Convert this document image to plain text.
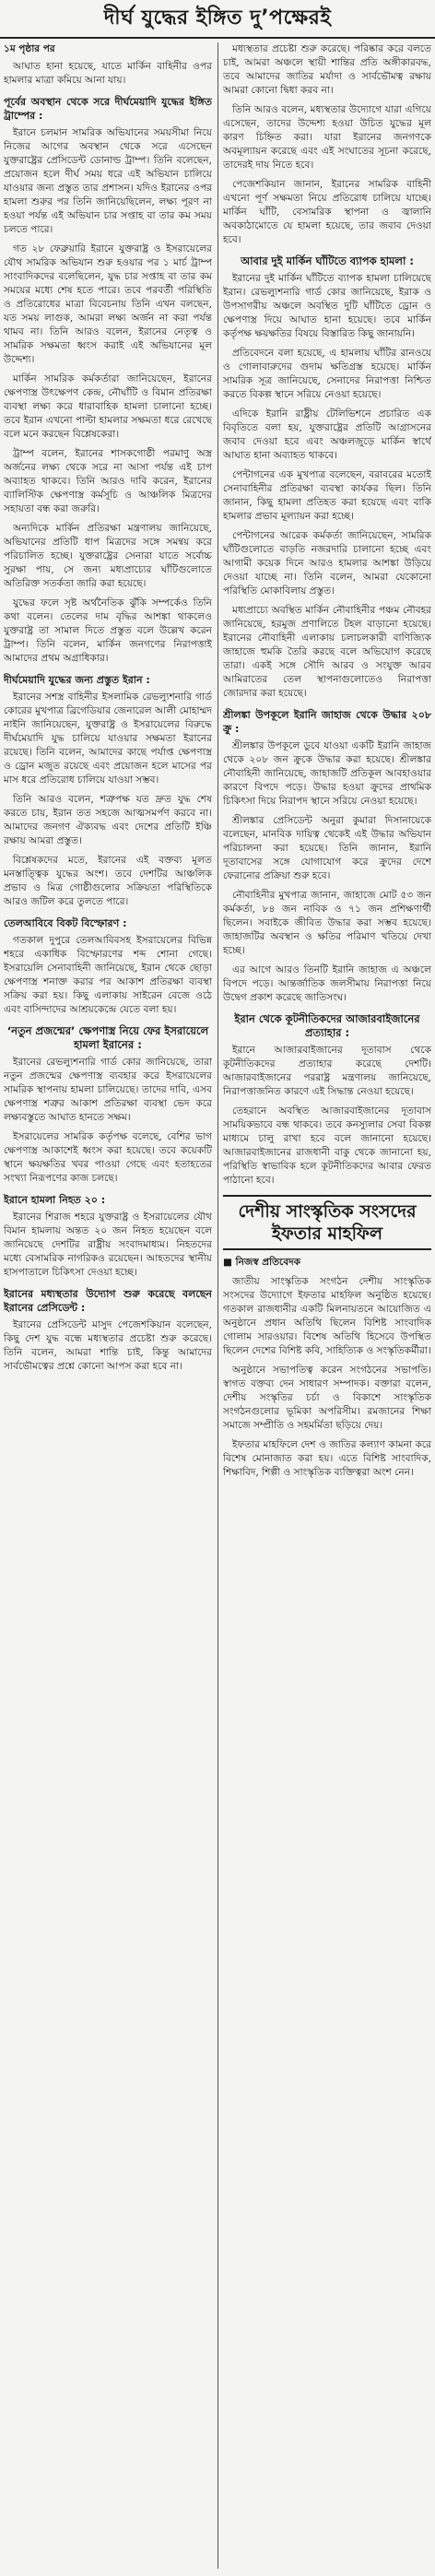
দীর্ঘ যুদ্ধের ইঙ্গিত দু’পক্ষেরই

১ম পৃষ্ঠার পর

আঘাত হানা হয়েছে, যাতে মার্কিন বাহিনীর ওপর হামলার মাত্রা কমিয়ে আনা যায়।

পূর্বের অবস্থান থেকে সরে দীর্ঘমেয়াদি যুদ্ধের ইঙ্গিত ট্রাম্পের :

ইরানে চলমান সামরিক অভিযানের সময়সীমা নিয়ে নিজের আগের অবস্থান থেকে সরে এসেছেন যুক্তরাষ্ট্রের প্রেসিডেন্ট ডোনাল্ড ট্রাম্প। তিনি বলেছেন, প্রয়োজন হলে দীর্ঘ সময় ধরে এই অভিযান চালিয়ে যাওয়ার জন্য প্রস্তুত তার প্রশাসন। যদিও ইরানের ওপর হামলা শুরুর পর তিনি জানিয়েছিলেন, লক্ষ্য পূরণ না হওয়া পর্যন্ত এই অভিযান চার সপ্তাহ বা তার কম সময় চলতে পারে।

গত ২৮ ফেব্রুয়ারি ইরানে যুক্তরাষ্ট্র ও ইসরায়েলের যৌথ সামরিক অভিযান শুরু হওয়ার পর ১ মার্চ ট্রাম্প সাংবাদিকদের বলেছিলেন, যুদ্ধ চার সপ্তাহ বা তার কম সময়ের মধ্যে শেষ হতে পারে। তবে পরবর্তী পরিস্থিতি ও প্রতিরোধের মাত্রা বিবেচনায় তিনি এখন বলছেন, যত সময় লাগুক, আমরা লক্ষ্য অর্জন না করা পর্যন্ত থামব না। তিনি আরও বলেন, ইরানের নেতৃত্ব ও সামরিক সক্ষমতা ধ্বংস করাই এই অভিযানের মূল উদ্দেশ্য।

মার্কিন সামরিক কর্মকর্তারা জানিয়েছেন, ইরানের ক্ষেপণাস্ত্র উৎক্ষেপণ কেন্দ্র, নৌঘাঁটি ও বিমান প্রতিরক্ষা ব্যবস্থা লক্ষ্য করে ধারাবাহিক হামলা চালানো হচ্ছে। তবে ইরান এখনো পাল্টা হামলার সক্ষমতা ধরে রেখেছে বলে মনে করছেন বিশ্লেষকেরা।

ট্রাম্প বলেন, ইরানের শাসকগোষ্ঠী পরমাণু অস্ত্র অর্জনের লক্ষ্য থেকে সরে না আসা পর্যন্ত এই চাপ অব্যাহত থাকবে। তিনি আরও দাবি করেন, ইরানের ব্যালিস্টিক ক্ষেপণাস্ত্র কর্মসূচি ও আঞ্চলিক মিত্রদের সহায়তা বন্ধ করা জরুরি।

অন্যদিকে মার্কিন প্রতিরক্ষা মন্ত্রণালয় জানিয়েছে, অভিযানের প্রতিটি ধাপ মিত্রদের সঙ্গে সমন্বয় করে পরিচালিত হচ্ছে। যুক্তরাষ্ট্রের সেনারা যাতে সর্বোচ্চ সুরক্ষা পায়, সে জন্য মধ্যপ্রাচ্যের ঘাঁটিগুলোতে অতিরিক্ত সতর্কতা জারি করা হয়েছে।

যুদ্ধের ফলে সৃষ্ট অর্থনৈতিক ঝুঁকি সম্পর্কেও তিনি কথা বলেন। তেলের দাম বৃদ্ধির আশঙ্কা থাকলেও যুক্তরাষ্ট্র তা সামাল দিতে প্রস্তুত বলে উল্লেখ করেন ট্রাম্প। তিনি বলেন, মার্কিন জনগণের নিরাপত্তাই আমাদের প্রথম অগ্রাধিকার।

দীর্ঘমেয়াদি যুদ্ধের জন্য প্রস্তুত ইরান :

ইরানের সশস্ত্র বাহিনীর ইসলামিক রেভল্যুশনারি গার্ড কোরের মুখপাত্র ব্রিগেডিয়ার জেনারেল আলী মোহাম্মদ নাইনি জানিয়েছেন, যুক্তরাষ্ট্র ও ইসরায়েলের বিরুদ্ধে দীর্ঘমেয়াদি যুদ্ধ চালিয়ে যাওয়ার সক্ষমতা ইরানের রয়েছে। তিনি বলেন, আমাদের কাছে পর্যাপ্ত ক্ষেপণাস্ত্র ও ড্রোন মজুত রয়েছে এবং প্রয়োজন হলে মাসের পর মাস ধরে প্রতিরোধ চালিয়ে যাওয়া সম্ভব।

তিনি আরও বলেন, শত্রুপক্ষ যত দ্রুত যুদ্ধ শেষ করতে চায়, ইরান তত সহজে আত্মসমর্পণ করবে না। আমাদের জনগণ ঐক্যবদ্ধ এবং দেশের প্রতিটি ইঞ্চি রক্ষায় আমরা প্রস্তুত।

বিশ্লেষকদের মতে, ইরানের এই বক্তব্য মূলত মনস্তাত্ত্বিক যুদ্ধের অংশ। তবে দেশটির আঞ্চলিক প্রভাব ও মিত্র গোষ্ঠীগুলোর সক্রিয়তা পরিস্থিতিকে আরও জটিল করে তুলতে পারে।

তেলআবিবে বিকট বিস্ফোরণ :

গতকাল দুপুরে তেলআবিবসহ ইসরায়েলের বিভিন্ন শহরে একাধিক বিস্ফোরণের শব্দ শোনা গেছে। ইসরায়েলি সেনাবাহিনী জানিয়েছে, ইরান থেকে ছোড়া ক্ষেপণাস্ত্র শনাক্ত করার পর আকাশ প্রতিরক্ষা ব্যবস্থা সক্রিয় করা হয়। কিছু এলাকায় সাইরেন বেজে ওঠে এবং বাসিন্দাদের আশ্রয়কেন্দ্রে যেতে বলা হয়।

‘নতুন প্রজন্মের’ ক্ষেপণাস্ত্র নিয়ে ফের ইসরায়েলে হামলা ইরানের :

ইরানের রেভল্যুশনারি গার্ড কোর জানিয়েছে, তারা নতুন প্রজন্মের ক্ষেপণাস্ত্র ব্যবহার করে ইসরায়েলের সামরিক স্থাপনায় হামলা চালিয়েছে। তাদের দাবি, এসব ক্ষেপণাস্ত্র শত্রুর আকাশ প্রতিরক্ষা ব্যবস্থা ভেদ করে লক্ষ্যবস্তুতে আঘাত হানতে সক্ষম।

ইসরায়েলের সামরিক কর্তৃপক্ষ বলেছে, বেশির ভাগ ক্ষেপণাস্ত্র আকাশেই ধ্বংস করা হয়েছে। তবে কয়েকটি স্থানে ক্ষয়ক্ষতির খবর পাওয়া গেছে এবং হতাহতের সংখ্যা নিরূপণের কাজ চলছে।

ইরানে হামলা নিহত ২০ :

ইরানের শিরাজ শহরে যুক্তরাষ্ট্র ও ইসরায়েলের যৌথ বিমান হামলায় অন্তত ২০ জন নিহত হয়েছেন বলে জানিয়েছে দেশটির রাষ্ট্রীয় সংবাদমাধ্যম। নিহতদের মধ্যে বেসামরিক নাগরিকও রয়েছেন। আহতদের স্থানীয় হাসপাতালে চিকিৎসা দেওয়া হচ্ছে।

ইরানের মধ্যস্থতার উদ্যোগ শুরু করেছে বলছেন ইরানের প্রেসিডেন্ট :

ইরানের প্রেসিডেন্ট মাসুদ পেজেশকিয়ান বলেছেন, কিছু দেশ যুদ্ধ বন্ধে মধ্যস্থতার প্রচেষ্টা শুরু করেছে। তিনি বলেন, আমরা শান্তি চাই, কিন্তু আমাদের সার্বভৌমত্বের প্রশ্নে কোনো আপস করা হবে না।

মধ্যস্থতার প্রচেষ্টা শুরু করেছে। পরিষ্কার করে বলতে চাই, আমরা অঞ্চলে স্থায়ী শান্তির প্রতি অঙ্গীকারবদ্ধ, তবে আমাদের জাতির মর্যাদা ও সার্বভৌমত্ব রক্ষায় আমরা কোনো দ্বিধা করব না।

তিনি আরও বলেন, মধ্যস্থতার উদ্যোগে যারা এগিয়ে এসেছেন, তাদের উদ্দেশ্য হওয়া উচিত যুদ্ধের মূল কারণ চিহ্নিত করা। যারা ইরানের জনগণকে অবমূল্যায়ন করেছে এবং এই সংঘাতের সূচনা করেছে, তাদেরই দায় নিতে হবে।

পেজেশকিয়ান জানান, ইরানের সামরিক বাহিনী এখনো পূর্ণ সক্ষমতা নিয়ে প্রতিরোধ চালিয়ে যাচ্ছে। মার্কিন ঘাঁটি, বেসামরিক স্থাপনা ও জ্বালানি অবকাঠামোতে যে হামলা হয়েছে, তার জবাব দেওয়া হবে।

আবার দুই মার্কিন ঘাঁটিতে ব্যাপক হামলা :

ইরানের দুই মার্কিন ঘাঁটিতে ব্যাপক হামলা চালিয়েছে ইরান। রেভল্যুশনারি গার্ড কোর জানিয়েছে, ইরাক ও উপসাগরীয় অঞ্চলে অবস্থিত দুটি ঘাঁটিতে ড্রোন ও ক্ষেপণাস্ত্র দিয়ে আঘাত হানা হয়েছে। তবে মার্কিন কর্তৃপক্ষ ক্ষয়ক্ষতির বিষয়ে বিস্তারিত কিছু জানায়নি।

প্রতিবেদনে বলা হয়েছে, এ হামলায় ঘাঁটির রানওয়ে ও গোলাবারুদের গুদাম ক্ষতিগ্রস্ত হয়েছে। মার্কিন সামরিক সূত্র জানিয়েছে, সেনাদের নিরাপত্তা নিশ্চিত করতে বিকল্প স্থানে সরিয়ে নেওয়া হয়েছে।

এদিকে ইরানি রাষ্ট্রীয় টেলিভিশনে প্রচারিত এক বিবৃতিতে বলা হয়, যুক্তরাষ্ট্রের প্রতিটি আগ্রাসনের জবাব দেওয়া হবে এবং অঞ্চলজুড়ে মার্কিন স্বার্থে আঘাত হানা অব্যাহত থাকবে।

পেন্টাগনের এক মুখপাত্র বলেছেন, বরাবরের মতোই সেনাবাহিনীর প্রতিরক্ষা ব্যবস্থা কার্যকর ছিল। তিনি জানান, কিছু হামলা প্রতিহত করা হয়েছে এবং বাকি হামলার প্রভাব মূল্যায়ন করা হচ্ছে।

পেন্টাগনের আরেক কর্মকর্তা জানিয়েছেন, সামরিক ঘাঁটিগুলোতে বাড়তি নজরদারি চালানো হচ্ছে এবং আগামী কয়েক দিনে আরও হামলার আশঙ্কা উড়িয়ে দেওয়া যাচ্ছে না। তিনি বলেন, আমরা যেকোনো পরিস্থিতি মোকাবিলায় প্রস্তুত।

মধ্যপ্রাচ্যে অবস্থিত মার্কিন নৌবাহিনীর পঞ্চম নৌবহর জানিয়েছে, হরমুজ প্রণালিতে টহল বাড়ানো হয়েছে। ইরানের নৌবাহিনী এলাকায় চলাচলকারী বাণিজ্যিক জাহাজে হুমকি তৈরি করছে বলে অভিযোগ করেছে তারা। একই সঙ্গে সৌদি আরব ও সংযুক্ত আরব আমিরাতের তেল স্থাপনাগুলোতেও নিরাপত্তা জোরদার করা হয়েছে।

শ্রীলঙ্কা উপকূলে ইরানি জাহাজ থেকে উদ্ধার ২০৮ ক্রু :

শ্রীলঙ্কার উপকূলে ডুবে যাওয়া একটি ইরানি জাহাজ থেকে ২০৮ জন ক্রুকে উদ্ধার করা হয়েছে। শ্রীলঙ্কার নৌবাহিনী জানিয়েছে, জাহাজটি প্রতিকূল আবহাওয়ার কারণে বিপদে পড়ে। উদ্ধার হওয়া ক্রুদের প্রাথমিক চিকিৎসা দিয়ে নিরাপদ স্থানে সরিয়ে নেওয়া হয়েছে।

শ্রীলঙ্কার প্রেসিডেন্ট অনুরা কুমারা দিসানায়েকে বলেছেন, মানবিক দায়িত্ব থেকেই এই উদ্ধার অভিযান পরিচালনা করা হয়েছে। তিনি জানান, ইরানি দূতাবাসের সঙ্গে যোগাযোগ করে ক্রুদের দেশে ফেরানোর প্রক্রিয়া শুরু হবে।

নৌবাহিনীর মুখপাত্র জানান, জাহাজে মোট ৫৩ জন কর্মকর্তা, ৮৪ জন নাবিক ও ৭১ জন প্রশিক্ষণার্থী ছিলেন। সবাইকে জীবিত উদ্ধার করা সম্ভব হয়েছে। জাহাজটির অবস্থান ও ক্ষতির পরিমাণ খতিয়ে দেখা হচ্ছে।

এর আগে আরও তিনটি ইরানি জাহাজ এ অঞ্চলে বিপদে পড়ে। আন্তর্জাতিক জলসীমায় নিরাপত্তা নিয়ে উদ্বেগ প্রকাশ করেছে জাতিসংঘ।

ইরান থেকে কূটনীতিকদের আজারবাইজানের প্রত্যাহার :

ইরানে আজারবাইজানের দূতাবাস থেকে কূটনীতিকদের প্রত্যাহার করেছে দেশটি। আজারবাইজানের পররাষ্ট্র মন্ত্রণালয় জানিয়েছে, নিরাপত্তাজনিত কারণে এই সিদ্ধান্ত নেওয়া হয়েছে।

তেহরানে অবস্থিত আজারবাইজানের দূতাবাস সাময়িকভাবে বন্ধ থাকবে। তবে কনস্যুলার সেবা বিকল্প মাধ্যমে চালু রাখা হবে বলে জানানো হয়েছে। আজারবাইজানের রাজধানী বাকু থেকে জানানো হয়, পরিস্থিতি স্বাভাবিক হলে কূটনীতিকদের আবার ফেরত পাঠানো হবে।

দেশীয় সাংস্কৃতিক সংসদের ইফতার মাহফিল

■ নিজস্ব প্রতিবেদক

জাতীয় সাংস্কৃতিক সংগঠন দেশীয় সাংস্কৃতিক সংসদের উদ্যোগে ইফতার মাহফিল অনুষ্ঠিত হয়েছে। গতকাল রাজধানীর একটি মিলনায়তনে আয়োজিত এ অনুষ্ঠানে প্রধান অতিথি ছিলেন বিশিষ্ট সাংবাদিক গোলাম সারওয়ার। বিশেষ অতিথি হিসেবে উপস্থিত ছিলেন দেশের বিশিষ্ট কবি, সাহিত্যিক ও সংস্কৃতিকর্মীরা।

অনুষ্ঠানে সভাপতিত্ব করেন সংগঠনের সভাপতি। স্বাগত বক্তব্য দেন সাধারণ সম্পাদক। বক্তারা বলেন, দেশীয় সংস্কৃতির চর্চা ও বিকাশে সাংস্কৃতিক সংগঠনগুলোর ভূমিকা অপরিসীম। রমজানের শিক্ষা সমাজে সম্প্রীতি ও সহমর্মিতা ছড়িয়ে দেয়।

ইফতার মাহফিলে দেশ ও জাতির কল্যাণ কামনা করে বিশেষ মোনাজাত করা হয়। এতে বিশিষ্ট সাংবাদিক, শিক্ষাবিদ, শিল্পী ও সাংস্কৃতিক ব্যক্তিত্বরা অংশ নেন।
